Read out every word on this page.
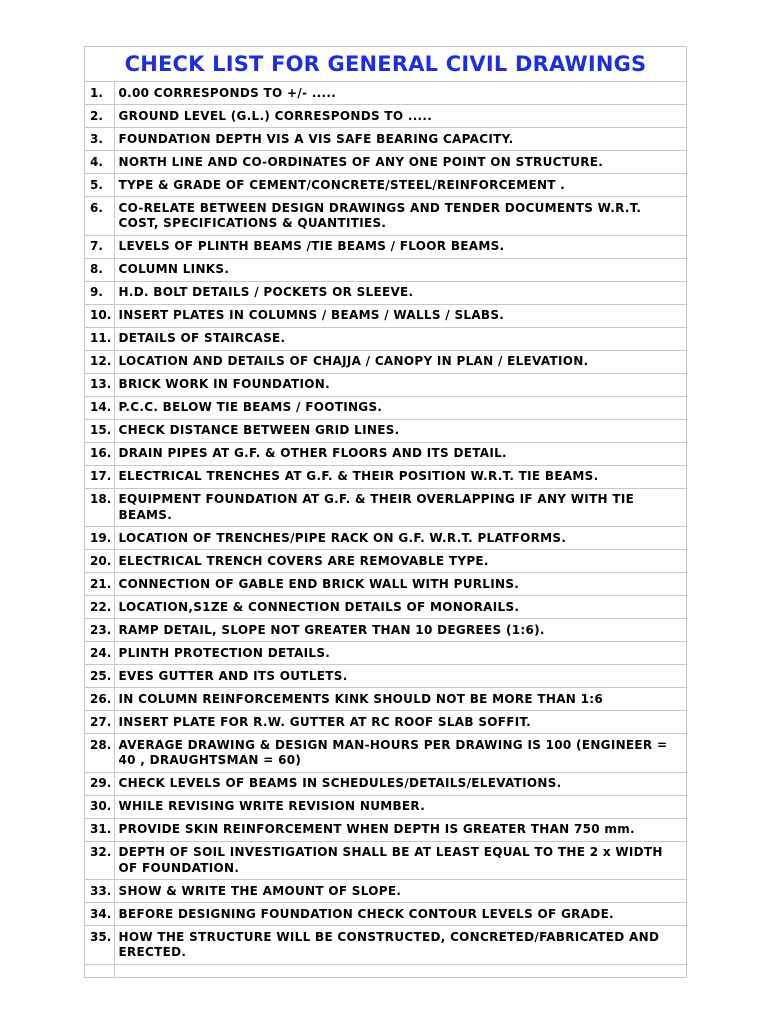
CHECK LIST FOR GENERAL CIVIL DRAWINGS
1.	0.00 CORRESPONDS TO +/- .....
2.	GROUND LEVEL (G.L.) CORRESPONDS TO .....
3.	FOUNDATION DEPTH VIS A VIS SAFE BEARING CAPACITY.
4.	NORTH LINE AND CO-ORDINATES OF ANY ONE POINT ON STRUCTURE.
5.	TYPE & GRADE OF CEMENT/CONCRETE/STEEL/REINFORCEMENT .
6.	CO-RELATE BETWEEN DESIGN DRAWINGS AND TENDER DOCUMENTS W.R.T. COST, SPECIFICATIONS & QUANTITIES.
7.	LEVELS OF PLINTH BEAMS /TIE BEAMS / FLOOR BEAMS.
8.	COLUMN LINKS.
9.	H.D. BOLT DETAILS / POCKETS OR SLEEVE.
10.	INSERT PLATES IN COLUMNS / BEAMS / WALLS / SLABS.
11.	DETAILS OF STAIRCASE.
12.	LOCATION AND DETAILS OF CHAJJA / CANOPY IN PLAN / ELEVATION.
13.	BRICK WORK IN FOUNDATION.
14.	P.C.C. BELOW TIE BEAMS / FOOTINGS.
15.	CHECK DISTANCE BETWEEN GRID LINES.
16.	DRAIN PIPES AT G.F. & OTHER FLOORS AND ITS DETAIL.
17.	ELECTRICAL TRENCHES AT G.F. & THEIR POSITION W.R.T. TIE BEAMS.
18.	EQUIPMENT FOUNDATION AT G.F. & THEIR OVERLAPPING IF ANY WITH TIE BEAMS.
19.	LOCATION OF TRENCHES/PIPE RACK ON G.F. W.R.T. PLATFORMS.
20.	ELECTRICAL TRENCH COVERS ARE REMOVABLE TYPE.
21.	CONNECTION OF GABLE END BRICK WALL WITH PURLINS.
22.	LOCATION,S1ZE & CONNECTION DETAILS OF MONORAILS.
23.	RAMP DETAIL, SLOPE NOT GREATER THAN 10 DEGREES (1:6).
24.	PLINTH PROTECTION DETAILS.
25.	EVES GUTTER AND ITS OUTLETS.
26.	IN COLUMN REINFORCEMENTS KINK SHOULD NOT BE MORE THAN 1:6
27.	INSERT PLATE FOR R.W. GUTTER AT RC ROOF SLAB SOFFIT.
28.	AVERAGE DRAWING & DESIGN MAN-HOURS PER DRAWING IS 100 (ENGINEER = 40 , DRAUGHTSMAN = 60)
29.	CHECK LEVELS OF BEAMS IN SCHEDULES/DETAILS/ELEVATIONS.
30.	WHILE REVISING WRITE REVISION NUMBER.
31.	PROVIDE SKIN REINFORCEMENT WHEN DEPTH IS GREATER THAN 750 mm.
32.	DEPTH OF SOIL INVESTIGATION SHALL BE AT LEAST EQUAL TO THE 2 x WIDTH OF FOUNDATION.
33.	SHOW & WRITE THE AMOUNT OF SLOPE.
34.	BEFORE DESIGNING FOUNDATION CHECK CONTOUR LEVELS OF GRADE.
35.	HOW THE STRUCTURE WILL BE CONSTRUCTED, CONCRETED/FABRICATED AND ERECTED.
